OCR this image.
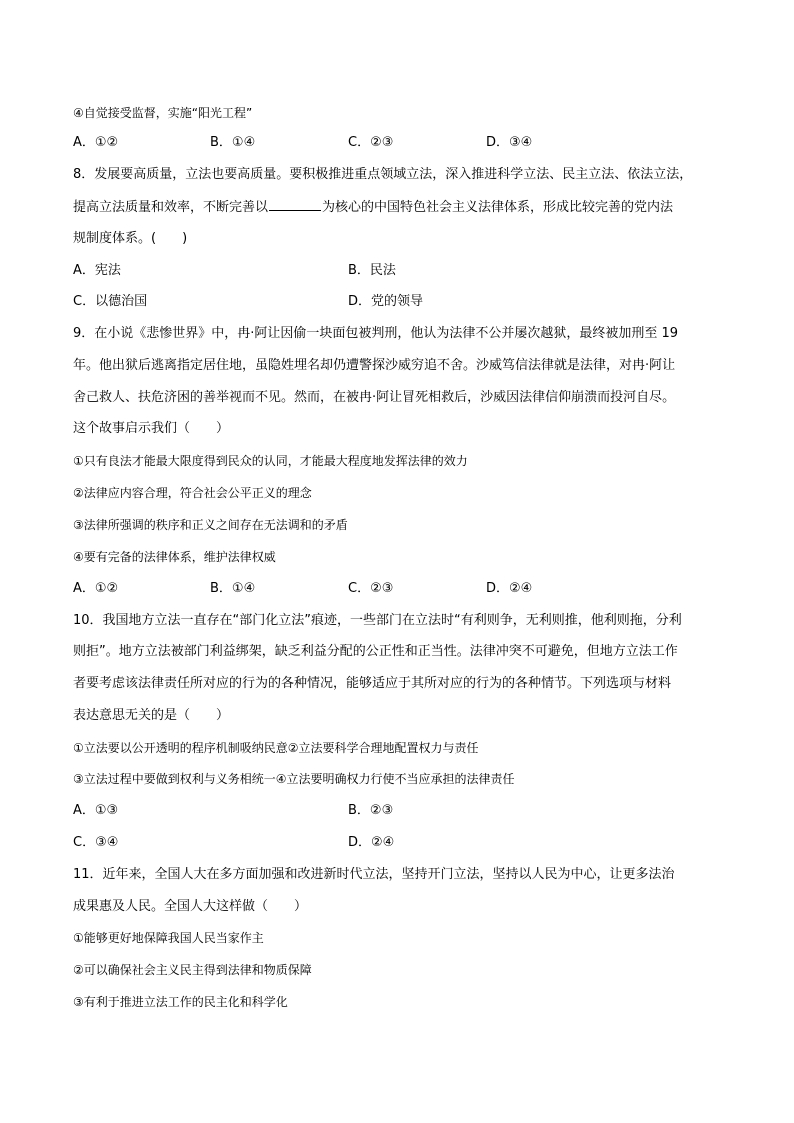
④自觉接受监督，实施“阳光工程”
A．①②	B．①④	C．②③	D．③④
8．发展要高质量，立法也要高质量。要积极推进重点领域立法，深入推进科学立法、民主立法、依法立法，
提高立法质量和效率，不断完善以	为核心的中国特色社会主义法律体系，形成比较完善的党内法
规制度体系。(　　)
A．宪法	B．民法
C．以德治国	D．党的领导
9．在小说《悲惨世界》中，冉·阿让因偷一块面包被判刑，他认为法律不公并屡次越狱，最终被加刑至 19
年。他出狱后逃离指定居住地，虽隐姓埋名却仍遭警探沙威穷追不舍。沙威笃信法律就是法律，对冉·阿让
舍己救人、扶危济困的善举视而不见。然而，在被冉·阿让冒死相救后，沙威因法律信仰崩溃而投河自尽。
这个故事启示我们（　　）
①只有良法才能最大限度得到民众的认同，才能最大程度地发挥法律的效力
②法律应内容合理，符合社会公平正义的理念
③法律所强调的秩序和正义之间存在无法调和的矛盾
④要有完备的法律体系，维护法律权威
A．①②	B．①④	C．②③	D．②④
10．我国地方立法一直存在“部门化立法”痕迹，一些部门在立法时“有利则争，无利则推，他利则拖，分利
则拒”。地方立法被部门利益绑架，缺乏利益分配的公正性和正当性。法律冲突不可避免，但地方立法工作
者要考虑该法律责任所对应的行为的各种情况，能够适应于其所对应的行为的各种情节。下列选项与材料
表达意思无关的是（　　）
①立法要以公开透明的程序机制吸纳民意②立法要科学合理地配置权力与责任
③立法过程中要做到权利与义务相统一④立法要明确权力行使不当应承担的法律责任
A．①③	B．②③
C．③④	D．②④
11．近年来，全国人大在多方面加强和改进新时代立法，坚持开门立法，坚持以人民为中心，让更多法治
成果惠及人民。全国人大这样做（　　）
①能够更好地保障我国人民当家作主
②可以确保社会主义民主得到法律和物质保障
③有利于推进立法工作的民主化和科学化
